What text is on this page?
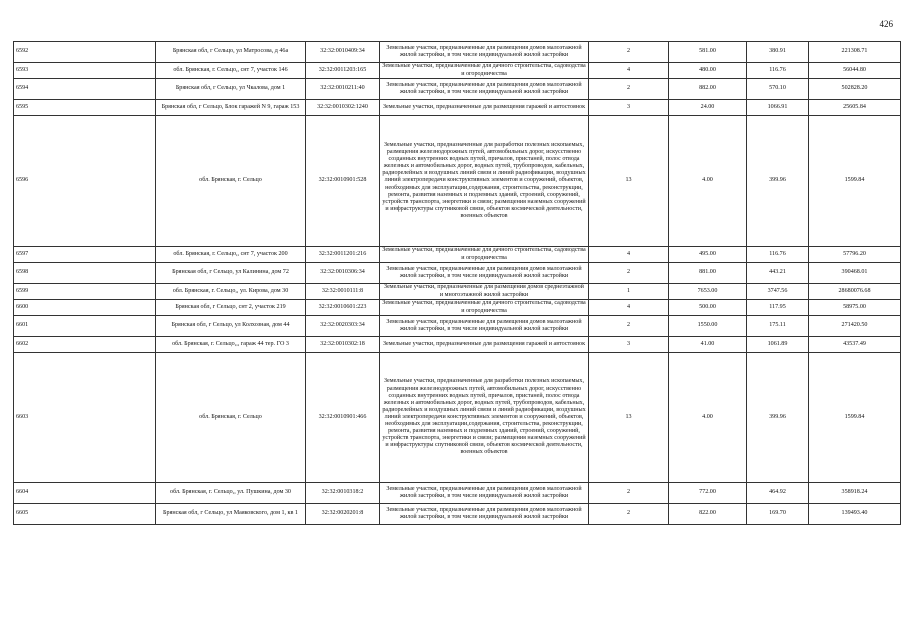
426
6592	Брянская обл, г Сельцо, ул Матросова, д 46а	32:32:0010409:34	Земельные участки, предназначенные для размещения домов малоэтажной жилой застройки, в том числе индивидуальной жилой застройки	2	581.00	380.91	221308.71
6593	обл. Брянская, г. Сельцо,, снт 7, участок 146	32:32:0011203:165	Земельные участки, предназначенные для дачного строительства, садоводства и огородничества	4	480.00	116.76	56044.80
6594	Брянская обл, г Сельцо, ул Чкалова, дом 1	32:32:0010211:40	Земельные участки, предназначенные для размещения домов малоэтажной жилой застройки, в том числе индивидуальной жилой застройки	2	882.00	570.10	502828.20
6595	Брянская обл, г Сельцо, Блок гаражей N 9, гараж 153	32:32:0010302:1240	Земельные участки, предназначенные для размещения гаражей и автостоянок	3	24.00	1066.91	25605.84
6596	обл. Брянская, г. Сельцо	32:32:0010901:528	Земельные участки, предназначенные для разработки полезных ископаемых, размещения железнодорожных путей, автомобильных дорог, искусственно созданных внутренних водных путей, причалов, пристаней, полос отвода железных и автомобильных дорог, водных путей, трубопроводов, кабельных, радиорелейных и воздушных линий связи и линий радиофикации, воздушных линий электропередачи конструктивных элементов и сооружений, объектов, необходимых для эксплуатации,содержания, строительства, реконструкции, ремонта, развития наземных и подземных зданий, строений, сооружений, устройств транспорта, энергетики и связи; размещения наземных сооружений и инфраструктуры спутниковой связи, объектов космической деятельности, военных объектов	13	4.00	399.96	1599.84
6597	обл. Брянская, г. Сельцо,, снт 7, участок 200	32:32:0011201:216	Земельные участки, предназначенные для дачного строительства, садоводства и огородничества	4	495.00	116.76	57796.20
6598	Брянская обл, г Сельцо, ул Калинина, дом 72	32:32:0010306:34	Земельные участки, предназначенные для размещения домов малоэтажной жилой застройки, в том числе индивидуальной жилой застройки	2	881.00	443.21	390468.01
6599	обл. Брянская, г. Сельцо,, ул. Кирова, дом 30	32:32:0010111:8	Земельные участки, предназначенные для размещения домов среднеэтажной и многоэтажной жилой застройки	1	7653.00	3747.56	28680076.68
6600	Брянская обл, г Сельцо, снт 2, участок 219	32:32:0010601:223	Земельные участки, предназначенные для дачного строительства, садоводства и огородничества	4	500.00	117.95	58975.00
6601	Брянская обл, г Сельцо, ул Колхозная, дом 44	32:32:0020303:34	Земельные участки, предназначенные для размещения домов малоэтажной жилой застройки, в том числе индивидуальной жилой застройки	2	1550.00	175.11	271420.50
6602	обл. Брянская, г. Сельцо,,, гараж 44 тер. ГО 3	32:32:0010302:18	Земельные участки, предназначенные для размещения гаражей и автостоянок	3	41.00	1061.89	43537.49
6603	обл. Брянская, г. Сельцо	32:32:0010901:466	Земельные участки, предназначенные для разработки полезных ископаемых, размещения железнодорожных путей, автомобильных дорог, искусственно созданных внутренних водных путей, причалов, пристаней, полос отвода железных и автомобильных дорог, водных путей, трубопроводов, кабельных, радиорелейных и воздушных линий связи и линий радиофикации, воздушных линий электропередачи конструктивных элементов и сооружений, объектов, необходимых для эксплуатации,содержания, строительства, реконструкции, ремонта, развития наземных и подземных зданий, строений, сооружений, устройств транспорта, энергетики и связи; размещения наземных сооружений и инфраструктуры спутниковой связи, объектов космической деятельности, военных объектов	13	4.00	399.96	1599.84
6604	обл. Брянская, г. Сельцо,, ул. Пушкина, дом 30	32:32:0010318:2	Земельные участки, предназначенные для размещения домов малоэтажной жилой застройки, в том числе индивидуальной жилой застройки	2	772.00	464.92	358918.24
6605	Брянская обл, г Сельцо, ул Маяковского, дом 1, кв 1	32:32:0020201:8	Земельные участки, предназначенные для размещения домов малоэтажной жилой застройки, в том числе индивидуальной жилой застройки	2	822.00	169.70	139493.40
